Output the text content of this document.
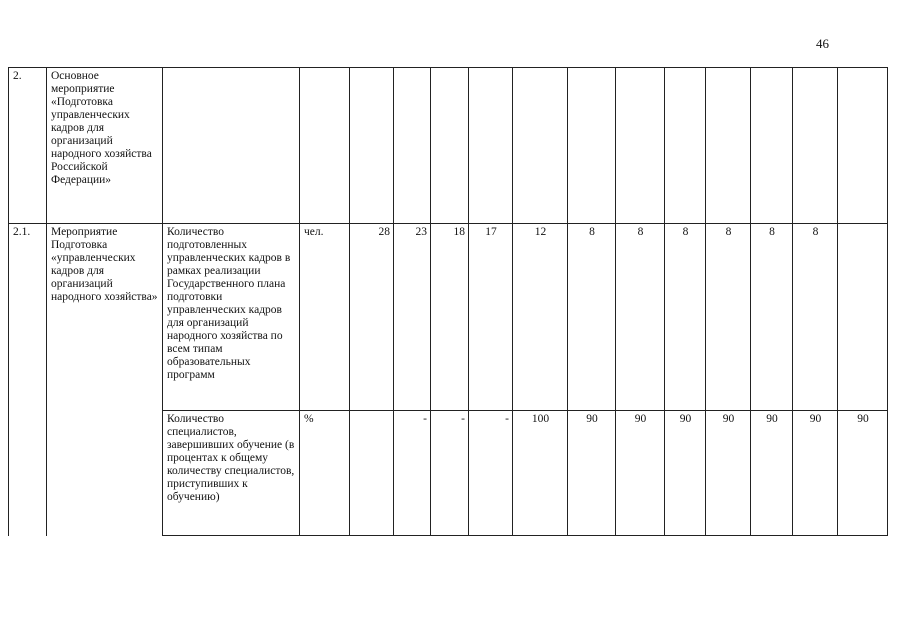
46
2.	Основное мероприятие «Подготовка управленческих кадров для организаций народного хозяйства Российской Федерации»														
2.1.	Мероприятие Подготовка «управленческих кадров для организаций народного хозяйства»	Количество подготовленных управленческих кадров в рамках реализации Государственного плана подготовки управленческих кадров для организаций народного хозяйства по всем типам образовательных программ	чел.	28	23	18	17	12	8	8	8	8	8	8	
		Количество специалистов, завершивших обучение (в процентах к общему количеству специалистов, приступивших к обучению)	%		-	-	-	100	90	90	90	90	90	90	90
